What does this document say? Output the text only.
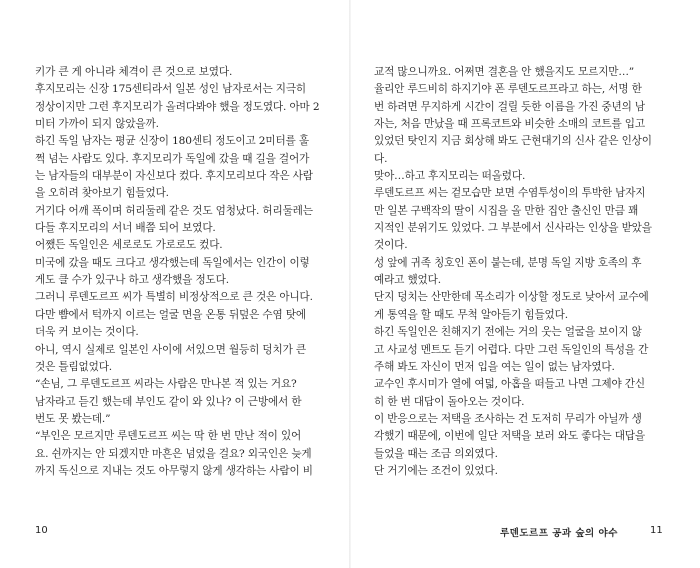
키가 큰 게 아니라 체격이 큰 것으로 보였다.
후지모리는 신장 175센티라서 일본 성인 남자로서는 지극히
정상이지만 그런 후지모리가 올려다봐야 했을 정도였다. 아마 2
미터 가까이 되지 않았을까.
하긴 독일 남자는 평균 신장이 180센티 정도이고 2미터를 훌
쩍 넘는 사람도 있다. 후지모리가 독일에 갔을 때 길을 걸어가
는 남자들의 대부분이 자신보다 컸다. 후지모리보다 작은 사람
을 오히려 찾아보기 힘들었다.
거기다 어깨 폭이며 허리둘레 같은 것도 엄청났다. 허리둘레는
다들 후지모리의 서너 배쯤 되어 보였다.
어쨌든 독일인은 세로로도 가로로도 컸다.
미국에 갔을 때도 크다고 생각했는데 독일에서는 인간이 이렇
게도 클 수가 있구나 하고 생각했을 정도다.
그러니 루덴도르프 씨가 특별히 비정상적으로 큰 것은 아니다.
다만 뺨에서 턱까지 이르는 얼굴 면을 온통 뒤덮은 수염 탓에
더욱 커 보이는 것이다.
아니, 역시 실제로 일본인 사이에 서있으면 월등히 덩치가 큰
것은 틀림없었다.
“손님, 그 루덴도르프 씨라는 사람은 만나본 적 있는 거요?
남자라고 듣긴 했는데 부인도 같이 와 있나? 이 근방에서 한
번도 못 봤는데.”
“부인은 모르지만 루덴도르프 씨는 딱 한 번 만난 적이 있어
요. 쉰까지는 안 되겠지만 마흔은 넘었을 걸요? 외국인은 늦게
까지 독신으로 지내는 것도 아무렇지 않게 생각하는 사람이 비
교적 많으니까요. 어쩌면 결혼을 안 했을지도 모르지만…”
율리안 루드비히 하지기야 폰 루덴도르프라고 하는, 서명 한
번 하려면 무지하게 시간이 걸릴 듯한 이름을 가진 중년의 남
자는, 처음 만났을 때 프록코트와 비슷한 소매의 코트를 입고
있었던 탓인지 지금 회상해 봐도 근현대기의 신사 같은 인상이
다.
맞아…하고 후지모리는 떠올렸다.
루덴도르프 씨는 겉모습만 보면 수염투성이의 투박한 남자지
만 일본 구백작의 딸이 시집을 올 만한 집안 출신인 만큼 꽤
지적인 분위기도 있었다. 그 부분에서 신사라는 인상을 받았을
것이다.
성 앞에 귀족 칭호인 폰이 붙는데, 분명 독일 지방 호족의 후
예라고 했었다.
단지 덩치는 산만한데 목소리가 이상할 정도로 낮아서 교수에
게 통역을 할 때도 무척 알아듣기 힘들었다.
하긴 독일인은 친해지기 전에는 거의 웃는 얼굴을 보이지 않
고 사교성 멘트도 듣기 어렵다. 다만 그런 독일인의 특성을 간
주해 봐도 자신이 먼저 입을 여는 일이 없는 남자였다.
교수인 후시미가 열에 여덟, 아홉을 떠들고 나면 그제야 간신
히 한 번 대답이 돌아오는 것이다.
이 반응으로는 저택을 조사하는 건 도저히 무리가 아닐까 생
각했기 때문에, 이번에 일단 저택을 보러 와도 좋다는 대답을
들었을 때는 조금 의외였다.
단 거기에는 조건이 있었다.
10	루덴도르프 공과 숲의 야수	11
